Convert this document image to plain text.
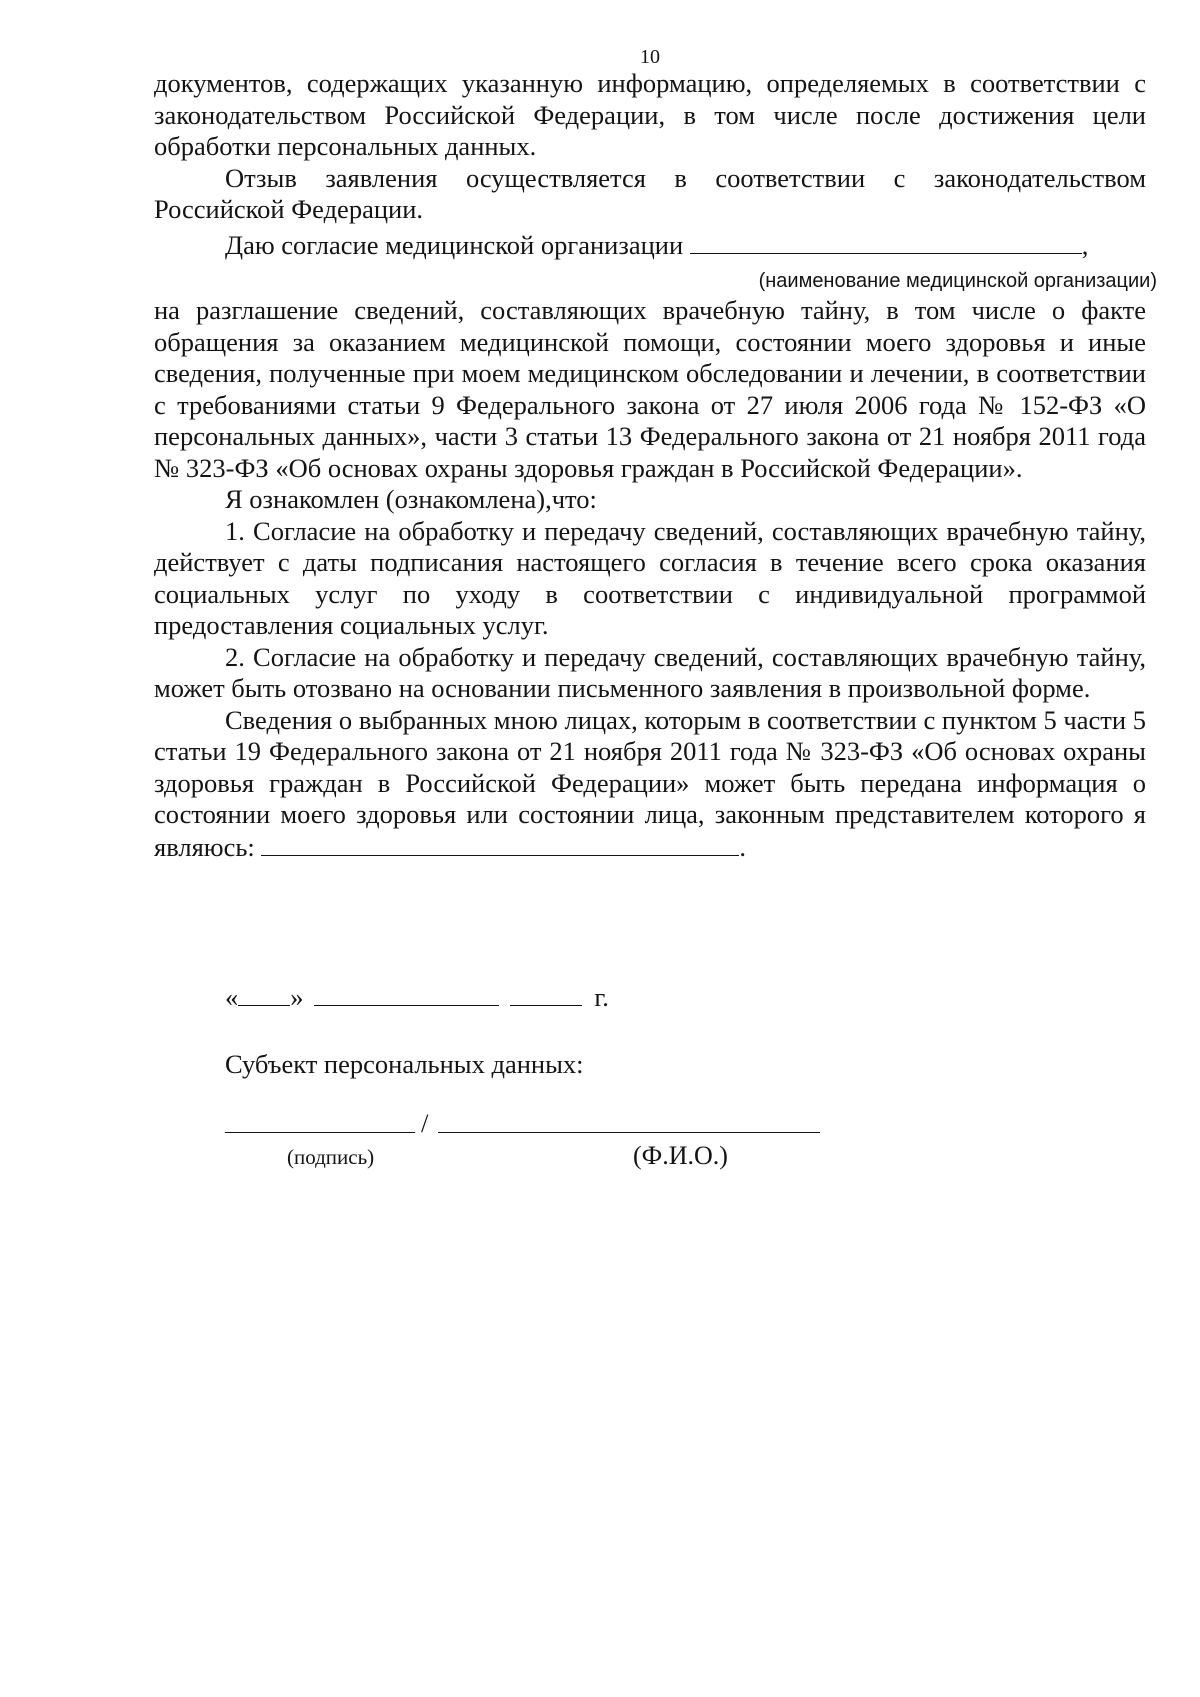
10

документов, содержащих указанную информацию, определяемых в соответствии с законодательством Российской Федерации, в том числе после достижения цели обработки персональных данных.

Отзыв заявления осуществляется в соответствии с законодательством Российской Федерации.

Даю согласие медицинской организации	,
(наименование медицинской организации)

на разглашение сведений, составляющих врачебную тайну, в том числе о факте обращения за оказанием медицинской помощи, состоянии моего здоровья и иные сведения, полученные при моем медицинском обследовании и лечении, в соответствии с требованиями статьи 9 Федерального закона от 27 июля 2006 года № 152-ФЗ «О персональных данных», части 3 статьи 13 Федерального закона от 21 ноября 2011 года № 323-ФЗ «Об основах охраны здоровья граждан в Российской Федерации».

Я ознакомлен (ознакомлена),что:

1. Согласие на обработку и передачу сведений, составляющих врачебную тайну, действует с даты подписания настоящего согласия в течение всего срока оказания социальных услуг по уходу в соответствии с индивидуальной программой предоставления социальных услуг.

2. Согласие на обработку и передачу сведений, составляющих врачебную тайну, может быть отозвано на основании письменного заявления в произвольной форме.

Сведения о выбранных мною лицах, которым в соответствии с пунктом 5 части 5 статьи 19 Федерального закона от 21 ноября 2011 года № 323-ФЗ «Об основах охраны здоровья граждан в Российской Федерации» может быть передана информация о состоянии моего здоровья или состоянии лица, законным представителем которого я являюсь:	.

« »	г.
Субъект персональных данных:
/
(подпись)	(Ф.И.О.)
